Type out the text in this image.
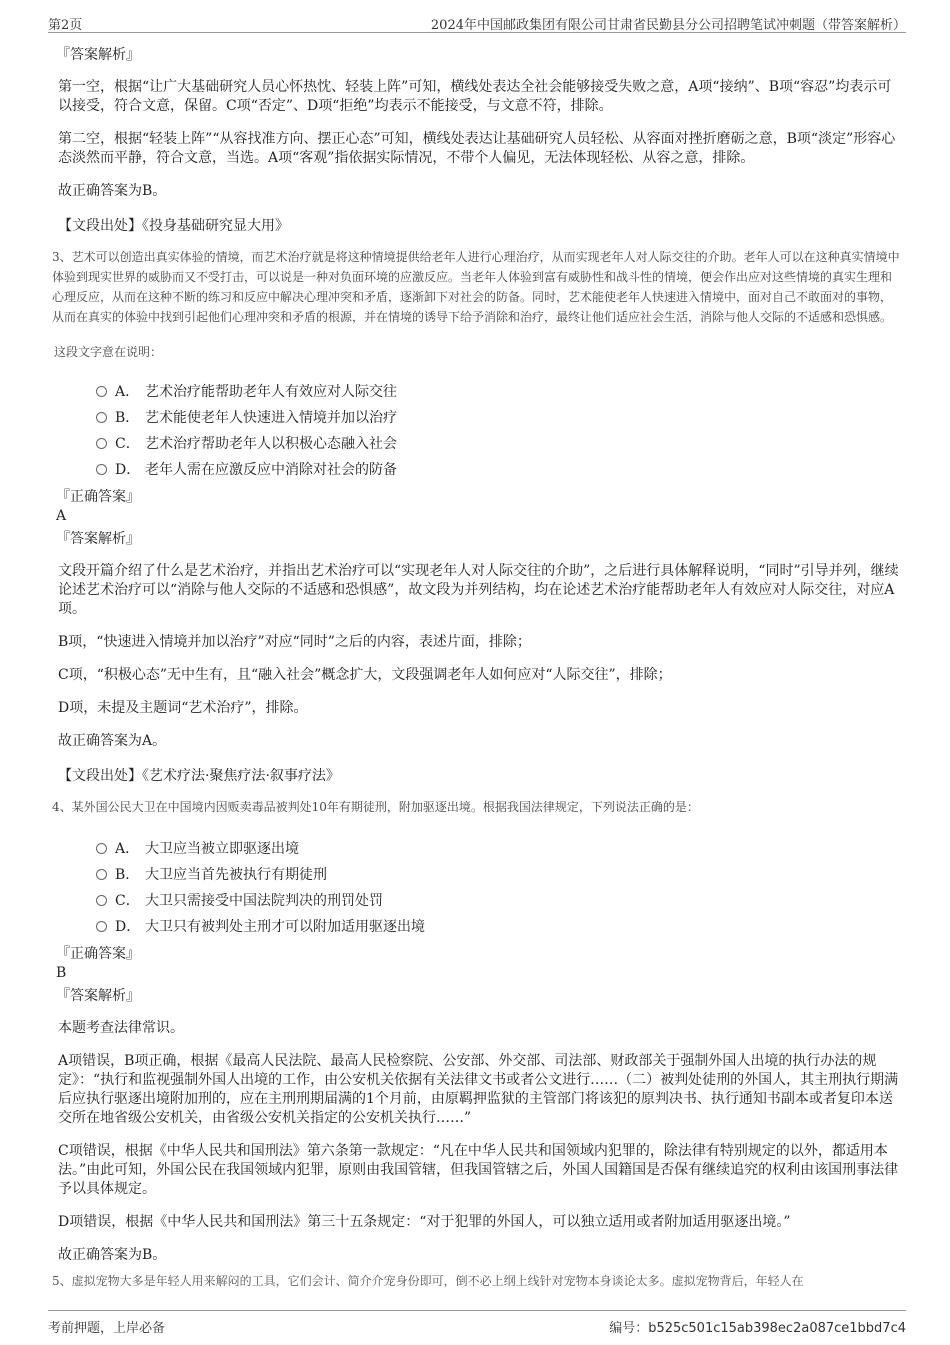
第2页	2024年中国邮政集团有限公司甘肃省民勤县分公司招聘笔试冲刺题（带答案解析）
『答案解析』
第一空，根据“让广大基础研究人员心怀热忱、轻装上阵”可知，横线处表达全社会能够接受失败之意，A项“接纳”、B项“容忍”均表示可以接受，符合文意，保留。C项“否定”、D项“拒绝”均表示不能接受，与文意不符，排除。
第二空，根据“轻装上阵”“从容找准方向、摆正心态”可知，横线处表达让基础研究人员轻松、从容面对挫折磨砺之意，B项“淡定”形容心态淡然而平静，符合文意，当选。A项“客观”指依据实际情况，不带个人偏见，无法体现轻松、从容之意，排除。
故正确答案为B。
【文段出处】《投身基础研究显大用》
3、艺术可以创造出真实体验的情境，而艺术治疗就是将这种情境提供给老年人进行心理治疗，从而实现老年人对人际交往的介助。老年人可以在这种真实情境中体验到现实世界的威胁而又不受打击，可以说是一种对负面环境的应激反应。当老年人体验到富有威胁性和战斗性的情境，便会作出应对这些情境的真实生理和心理反应，从而在这种不断的练习和反应中解决心理冲突和矛盾，逐渐卸下对社会的防备。同时，艺术能使老年人快速进入情境中，面对自己不敢面对的事物，从而在真实的体验中找到引起他们心理冲突和矛盾的根源，并在情境的诱导下给予消除和治疗，最终让他们适应社会生活，消除与他人交际的不适感和恐惧感。
这段文字意在说明：
A． 艺术治疗能帮助老年人有效应对人际交往
B． 艺术能使老年人快速进入情境并加以治疗
C． 艺术治疗帮助老年人以积极心态融入社会
D． 老年人需在应激反应中消除对社会的防备
『正确答案』
A
『答案解析』
文段开篇介绍了什么是艺术治疗，并指出艺术治疗可以“实现老年人对人际交往的介助”，之后进行具体解释说明，“同时”引导并列，继续论述艺术治疗可以“消除与他人交际的不适感和恐惧感”，故文段为并列结构，均在论述艺术治疗能帮助老年人有效应对人际交往，对应A项。
B项，“快速进入情境并加以治疗”对应“同时”之后的内容，表述片面，排除；
C项，“积极心态”无中生有，且“融入社会”概念扩大，文段强调老年人如何应对“人际交往”，排除；
D项，未提及主题词“艺术治疗”，排除。
故正确答案为A。
【文段出处】《艺术疗法·聚焦疗法·叙事疗法》
4、某外国公民大卫在中国境内因贩卖毒品被判处10年有期徒刑，附加驱逐出境。根据我国法律规定，下列说法正确的是：
A． 大卫应当被立即驱逐出境
B． 大卫应当首先被执行有期徒刑
C． 大卫只需接受中国法院判决的刑罚处罚
D． 大卫只有被判处主刑才可以附加适用驱逐出境
『正确答案』
B
『答案解析』
本题考查法律常识。
A项错误，B项正确，根据《最高人民法院、最高人民检察院、公安部、外交部、司法部、财政部关于强制外国人出境的执行办法的规定》：“执行和监视强制外国人出境的工作，由公安机关依据有关法律文书或者公文进行……（二）被判处徒刑的外国人，其主刑执行期满后应执行驱逐出境附加刑的，应在主刑刑期届满的1个月前，由原羁押监狱的主管部门将该犯的原判决书、执行通知书副本或者复印本送交所在地省级公安机关，由省级公安机关指定的公安机关执行……”
C项错误，根据《中华人民共和国刑法》第六条第一款规定：“凡在中华人民共和国领域内犯罪的，除法律有特别规定的以外，都适用本法。”由此可知，外国公民在我国领域内犯罪，原则由我国管辖，但我国管辖之后，外国人国籍国是否保有继续追究的权利由该国刑事法律予以具体规定。
D项错误，根据《中华人民共和国刑法》第三十五条规定：“对于犯罪的外国人，可以独立适用或者附加适用驱逐出境。”
故正确答案为B。
5、虚拟宠物大多是年轻人用来解闷的工具，它们会计、简介介宠身份即可，倒不必上纲上线针对宠物本身谈论太多。虚拟宠物背后，年轻人在
考前押题，上岸必备	编号：b525c501c15ab398ec2a087ce1bbd7c4
